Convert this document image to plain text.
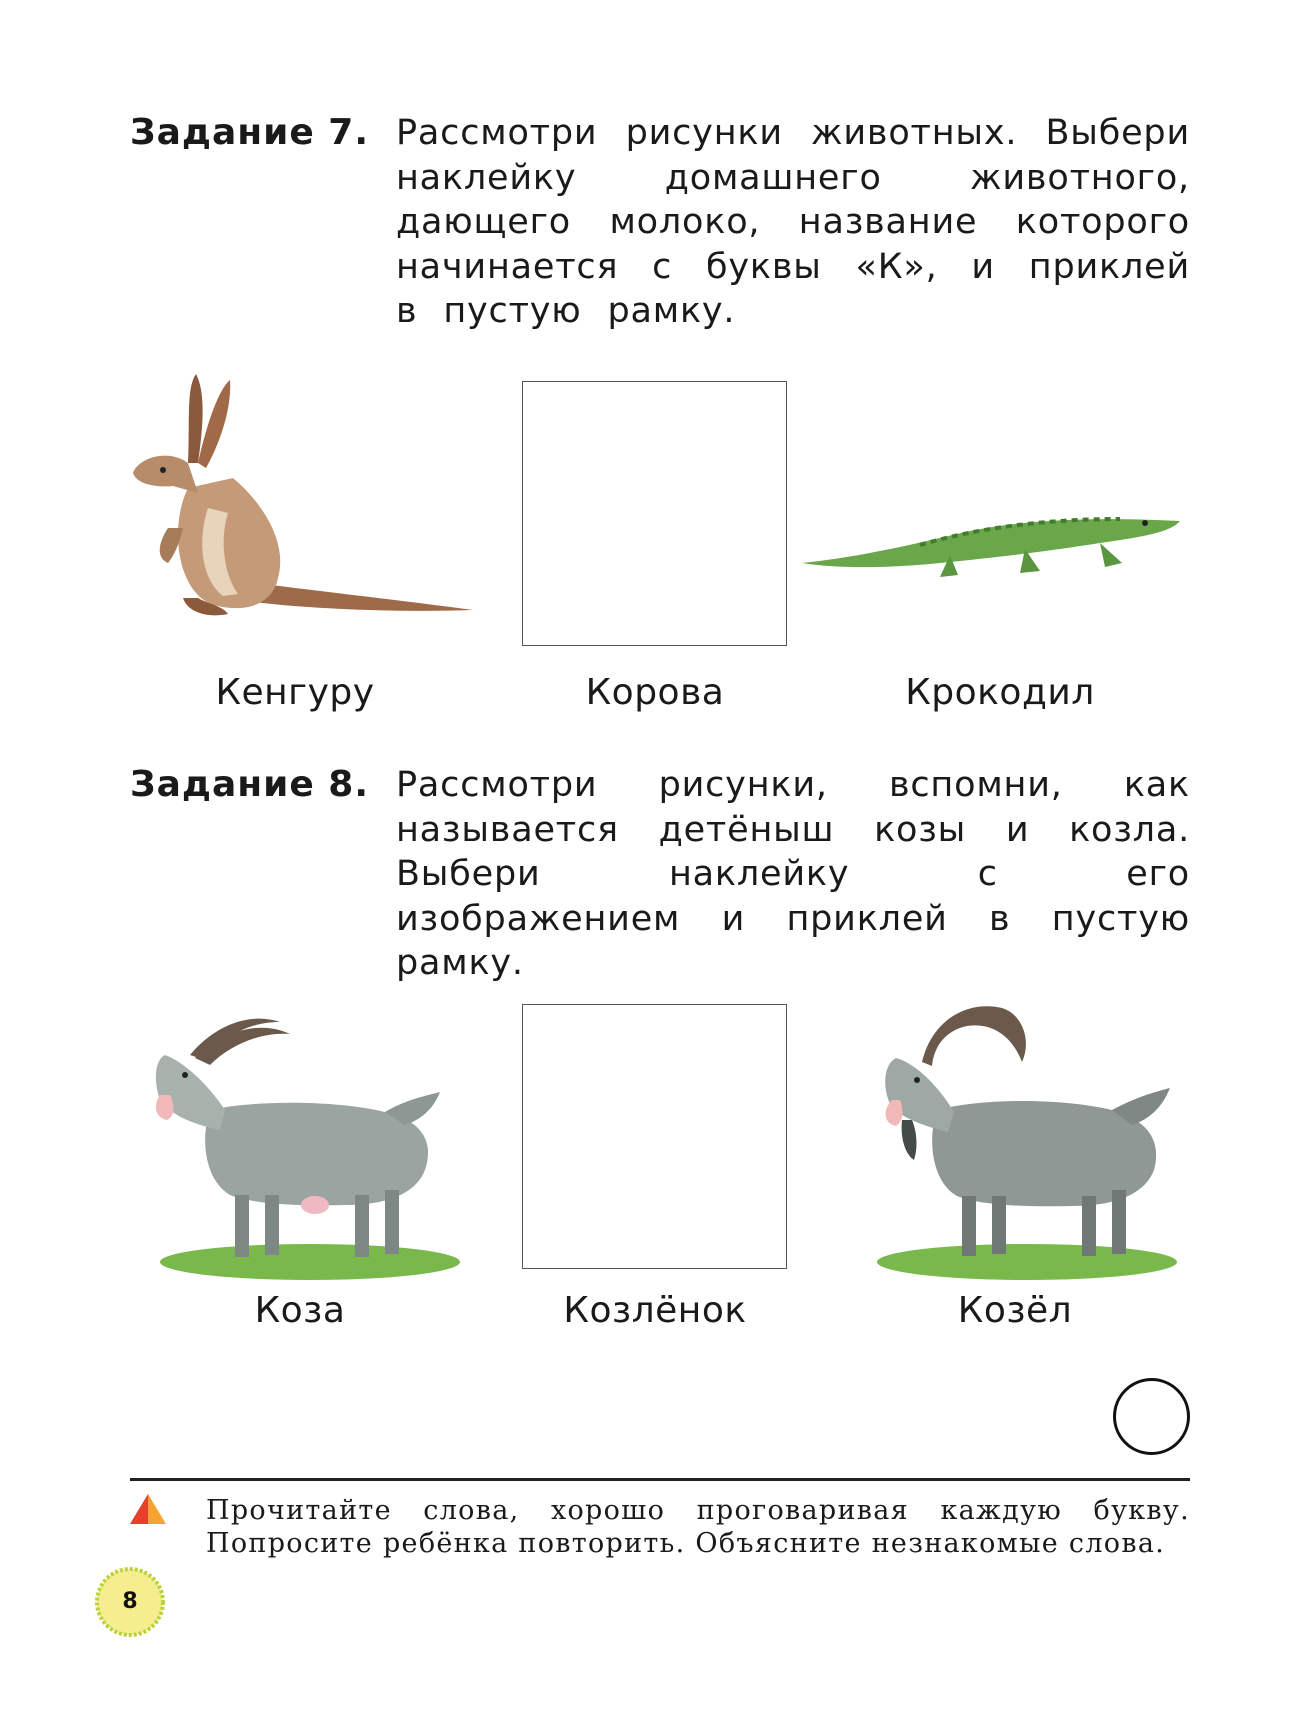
Задание 7. Рассмотри рисунки животных. Выбери наклейку домашнего животного, дающего молоко, название которого начинается с буквы «К», и приклей в пустую рамку.
Кенгуру	Корова	Крокодил
Задание 8. Рассмотри рисунки, вспомни, как называется детёныш козы и козла. Выбери наклейку с его изображением и приклей в пустую рамку.
Коза	Козлёнок	Козёл
Прочитайте слова, хорошо проговаривая каждую букву. Попросите ребёнка повторить. Объясните незнакомые слова.
8
